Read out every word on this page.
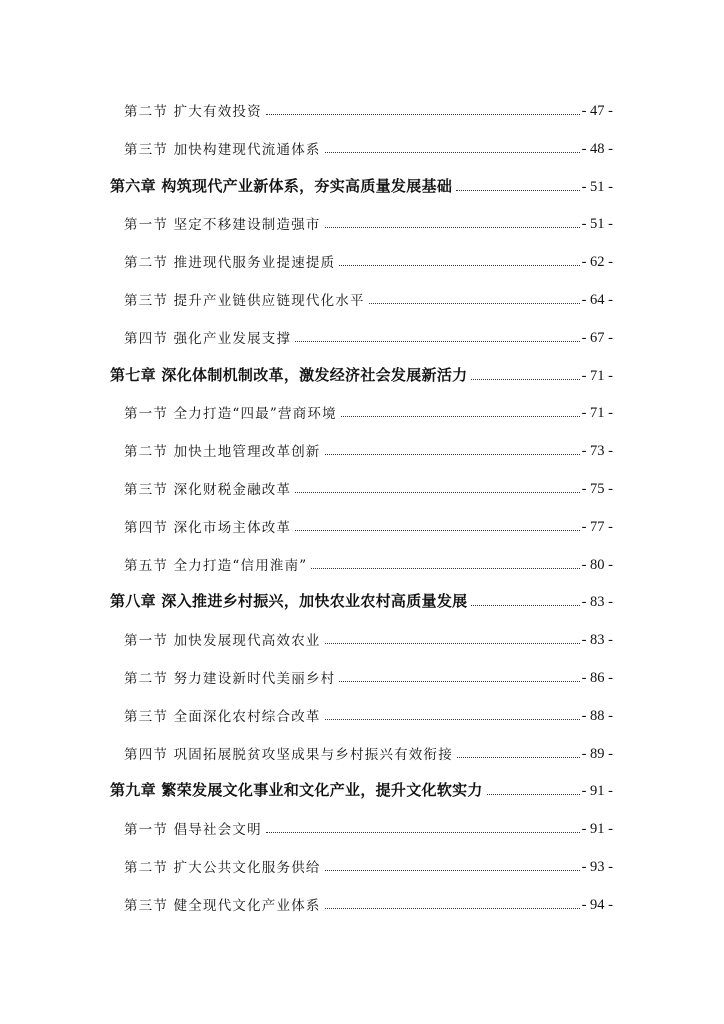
第二节 扩大有效投资	- 47 -
第三节 加快构建现代流通体系	- 48 -
第六章 构筑现代产业新体系，夯实高质量发展基础	- 51 -
第一节 坚定不移建设制造强市	- 51 -
第二节 推进现代服务业提速提质	- 62 -
第三节 提升产业链供应链现代化水平	- 64 -
第四节 强化产业发展支撑	- 67 -
第七章 深化体制机制改革，激发经济社会发展新活力	- 71 -
第一节 全力打造“四最”营商环境	- 71 -
第二节 加快土地管理改革创新	- 73 -
第三节 深化财税金融改革	- 75 -
第四节 深化市场主体改革	- 77 -
第五节 全力打造“信用淮南”	- 80 -
第八章 深入推进乡村振兴，加快农业农村高质量发展	- 83 -
第一节 加快发展现代高效农业	- 83 -
第二节 努力建设新时代美丽乡村	- 86 -
第三节 全面深化农村综合改革	- 88 -
第四节 巩固拓展脱贫攻坚成果与乡村振兴有效衔接	- 89 -
第九章 繁荣发展文化事业和文化产业，提升文化软实力	- 91 -
第一节 倡导社会文明	- 91 -
第二节 扩大公共文化服务供给	- 93 -
第三节 健全现代文化产业体系	- 94 -
